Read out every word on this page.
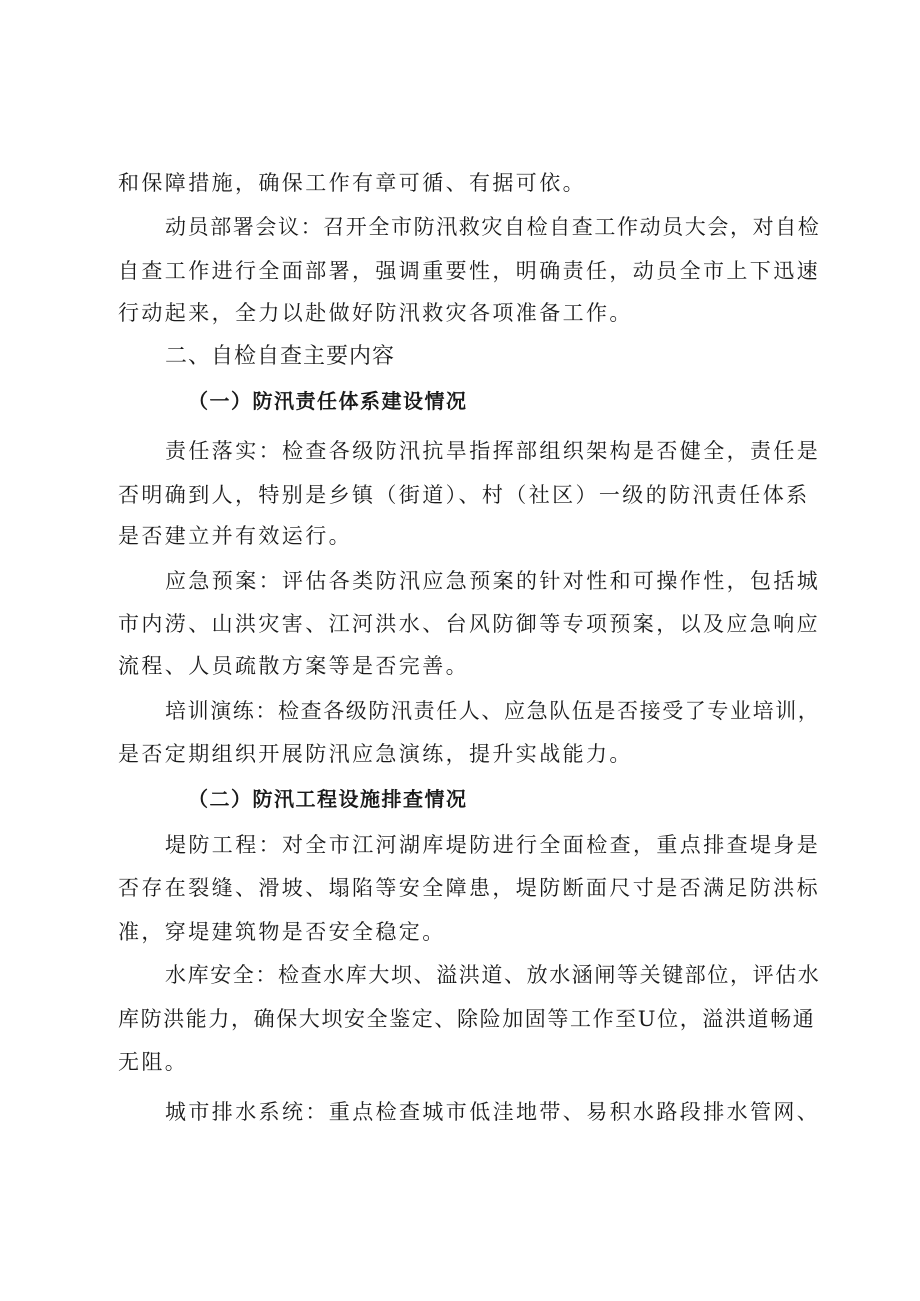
和保障措施，确保工作有章可循、有据可依。
动员部署会议：召开全市防汛救灾自检自查工作动员大会，对自检
自查工作进行全面部署，强调重要性，明确责任，动员全市上下迅速
行动起来，全力以赴做好防汛救灾各项准备工作。
二、自检自查主要内容
（一）防汛责任体系建设情况
责任落实：检查各级防汛抗旱指挥部组织架构是否健全，责任是
否明确到人，特别是乡镇（街道）、村（社区）一级的防汛责任体系
是否建立并有效运行。
应急预案：评估各类防汛应急预案的针对性和可操作性，包括城
市内涝、山洪灾害、江河洪水、台风防御等专项预案，以及应急响应
流程、人员疏散方案等是否完善。
培训演练：检查各级防汛责任人、应急队伍是否接受了专业培训，
是否定期组织开展防汛应急演练，提升实战能力。
（二）防汛工程设施排查情况
堤防工程：对全市江河湖库堤防进行全面检查，重点排查堤身是
否存在裂缝、滑坡、塌陷等安全障患，堤防断面尺寸是否满足防洪标
准，穿堤建筑物是否安全稳定。
水库安全：检查水库大坝、溢洪道、放水涵闸等关键部位，评估水
库防洪能力，确保大坝安全鉴定、除险加固等工作至U位，溢洪道畅通
无阻。
城市排水系统：重点检查城市低洼地带、易积水路段排水管网、
